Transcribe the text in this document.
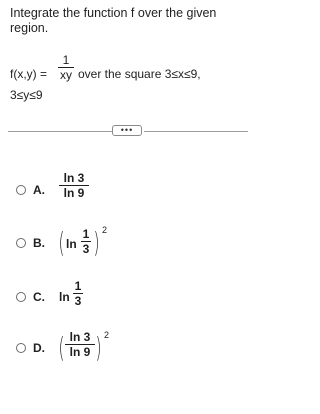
Integrate the function f over the given region.
f(x,y) =
1
xy over the square 3≤x≤9,
3≤y≤9
•••
A.
ln 3
ln 9
B. ( ln
1
3 ) 2
C. ln
1
3
D. ( ln 3
ln 9 ) 2
